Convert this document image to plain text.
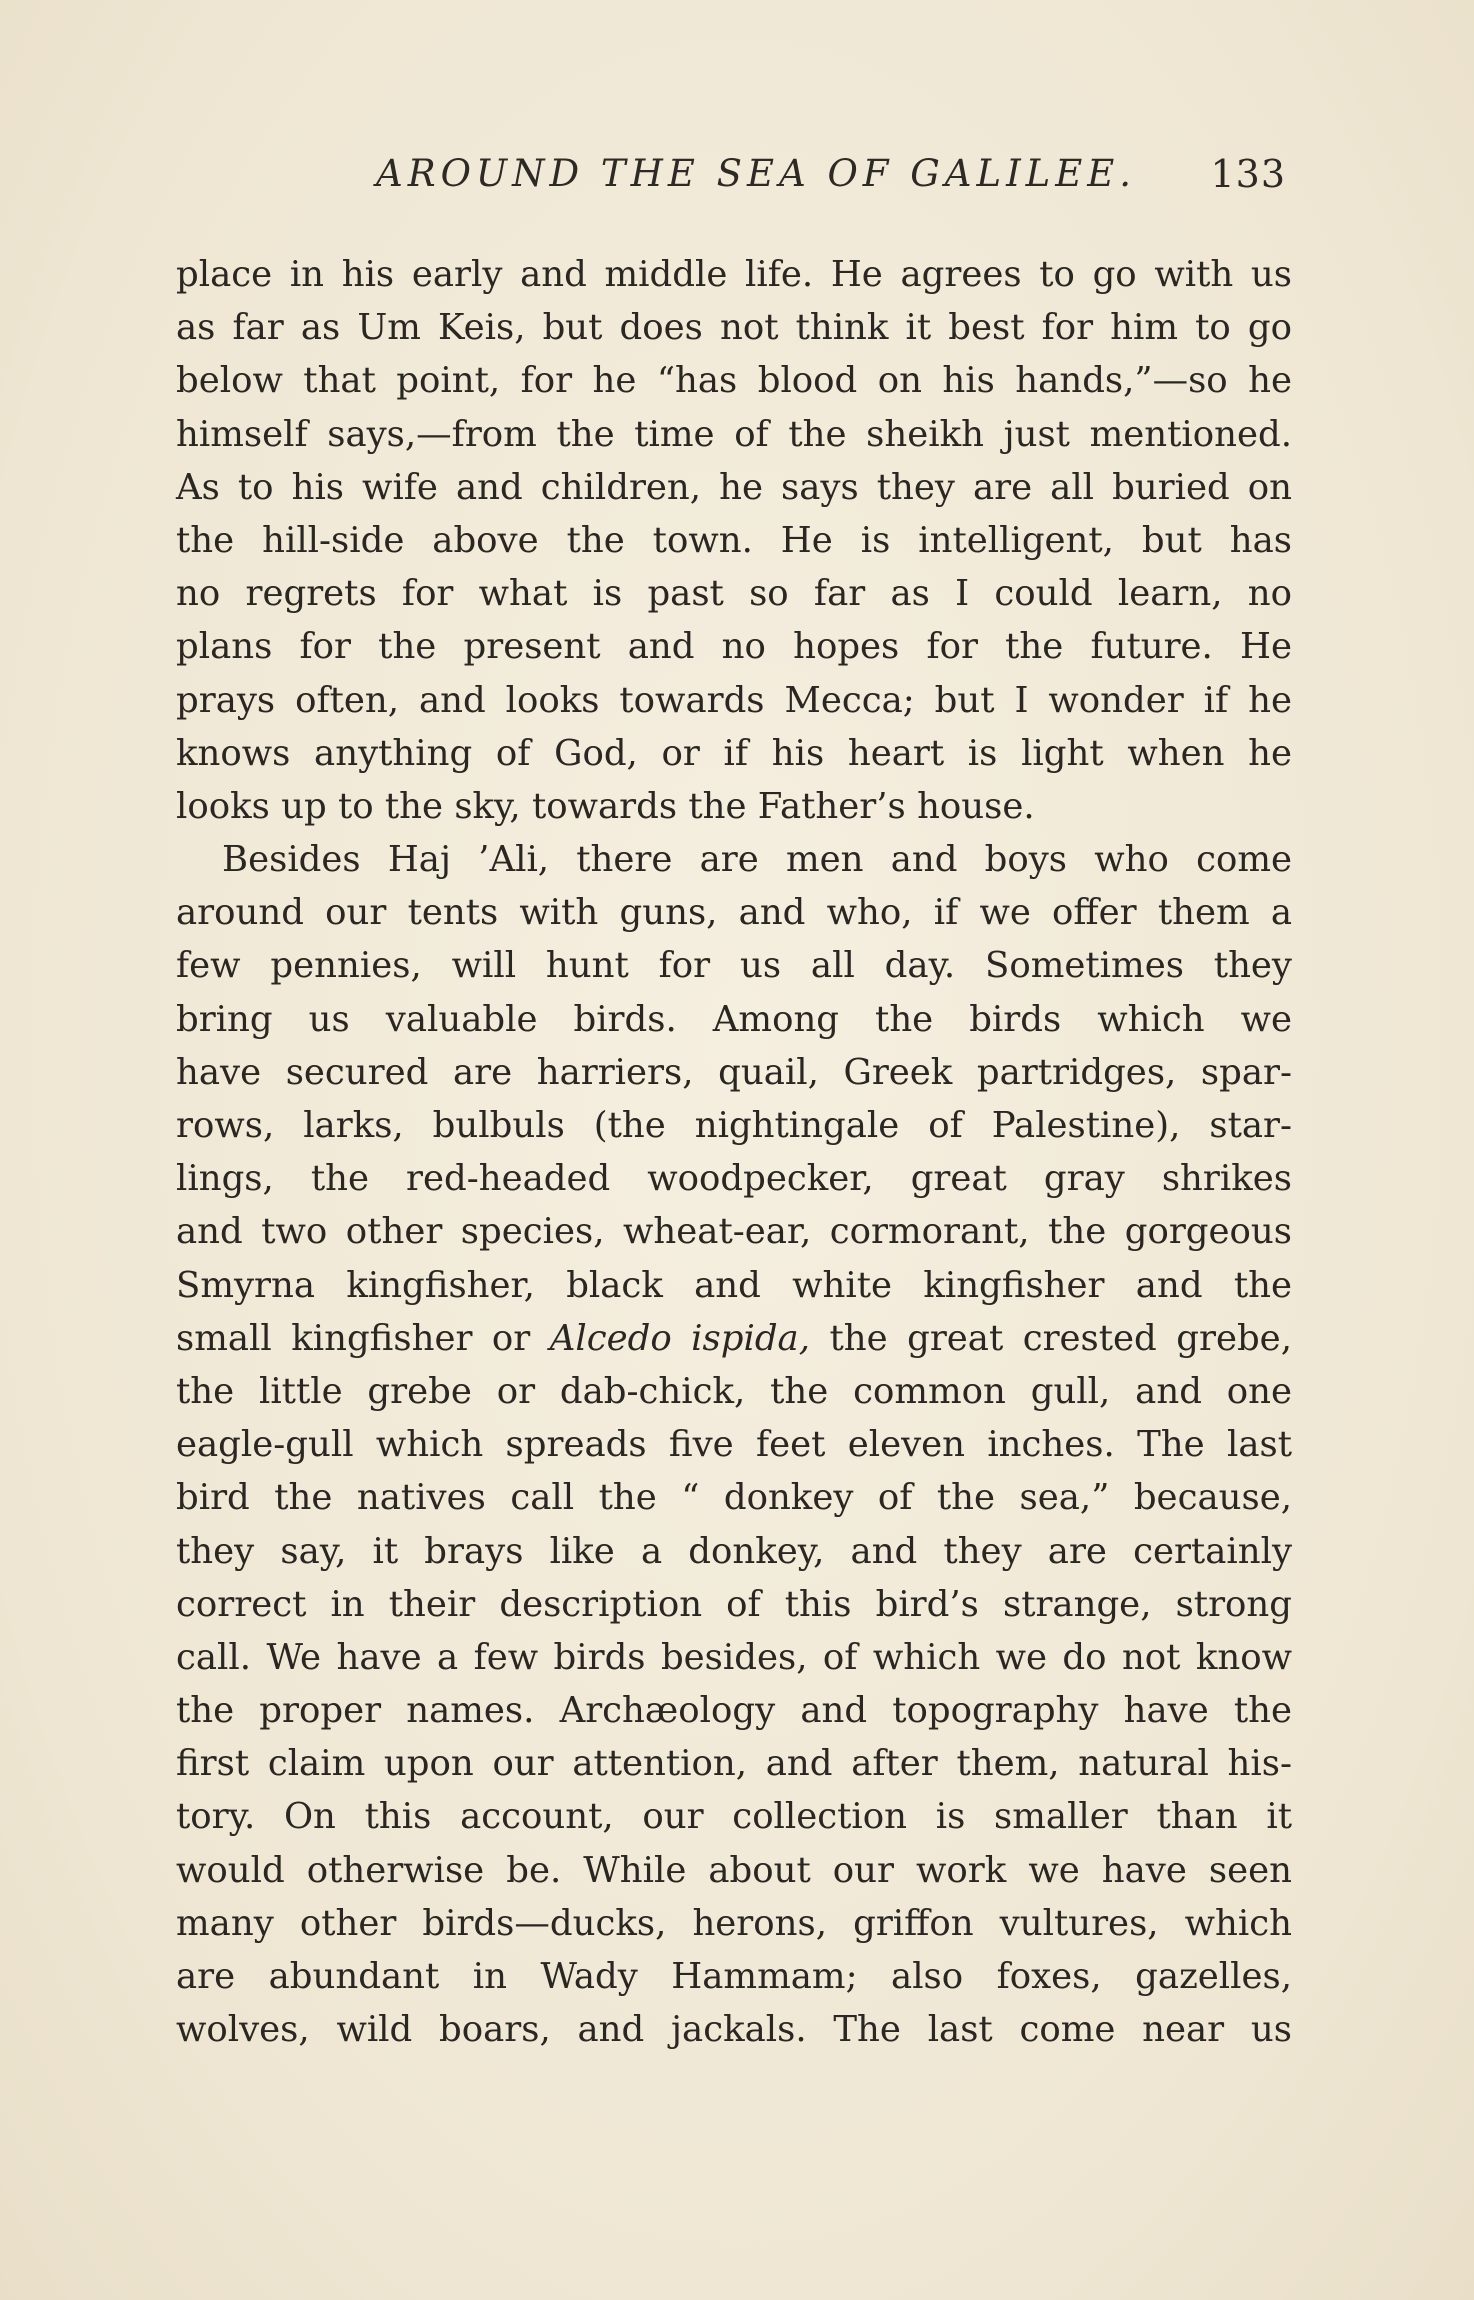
AROUND THE SEA OF GALILEE. 133
place in his early and middle life. He agrees to go with us
as far as Um Keis, but does not think it best for him to go
below that point, for he “has blood on his hands,”—so he
himself says,—from the time of the sheikh just mentioned.
As to his wife and children, he says they are all buried on
the hill-side above the town. He is intelligent, but has
no regrets for what is past so far as I could learn, no
plans for the present and no hopes for the future. He
prays often, and looks towards Mecca; but I wonder if he
knows anything of God, or if his heart is light when he
looks up to the sky, towards the Father’s house.
Besides Haj ’Ali, there are men and boys who come
around our tents with guns, and who, if we offer them a
few pennies, will hunt for us all day. Sometimes they
bring us valuable birds. Among the birds which we
have secured are harriers, quail, Greek partridges, spar-
rows, larks, bulbuls (the nightingale of Palestine), star-
lings, the red-headed woodpecker, great gray shrikes
and two other species, wheat-ear, cormorant, the gorgeous
Smyrna kingfisher, black and white kingfisher and the
small kingfisher or Alcedo ispida, the great crested grebe,
the little grebe or dab-chick, the common gull, and one
eagle-gull which spreads five feet eleven inches. The last
bird the natives call the “ donkey of the sea,” because,
they say, it brays like a donkey, and they are certainly
correct in their description of this bird’s strange, strong
call. We have a few birds besides, of which we do not know
the proper names. Archæology and topography have the
first claim upon our attention, and after them, natural his-
tory. On this account, our collection is smaller than it
would otherwise be. While about our work we have seen
many other birds—ducks, herons, griffon vultures, which
are abundant in Wady Hammam; also foxes, gazelles,
wolves, wild boars, and jackals. The last come near us
